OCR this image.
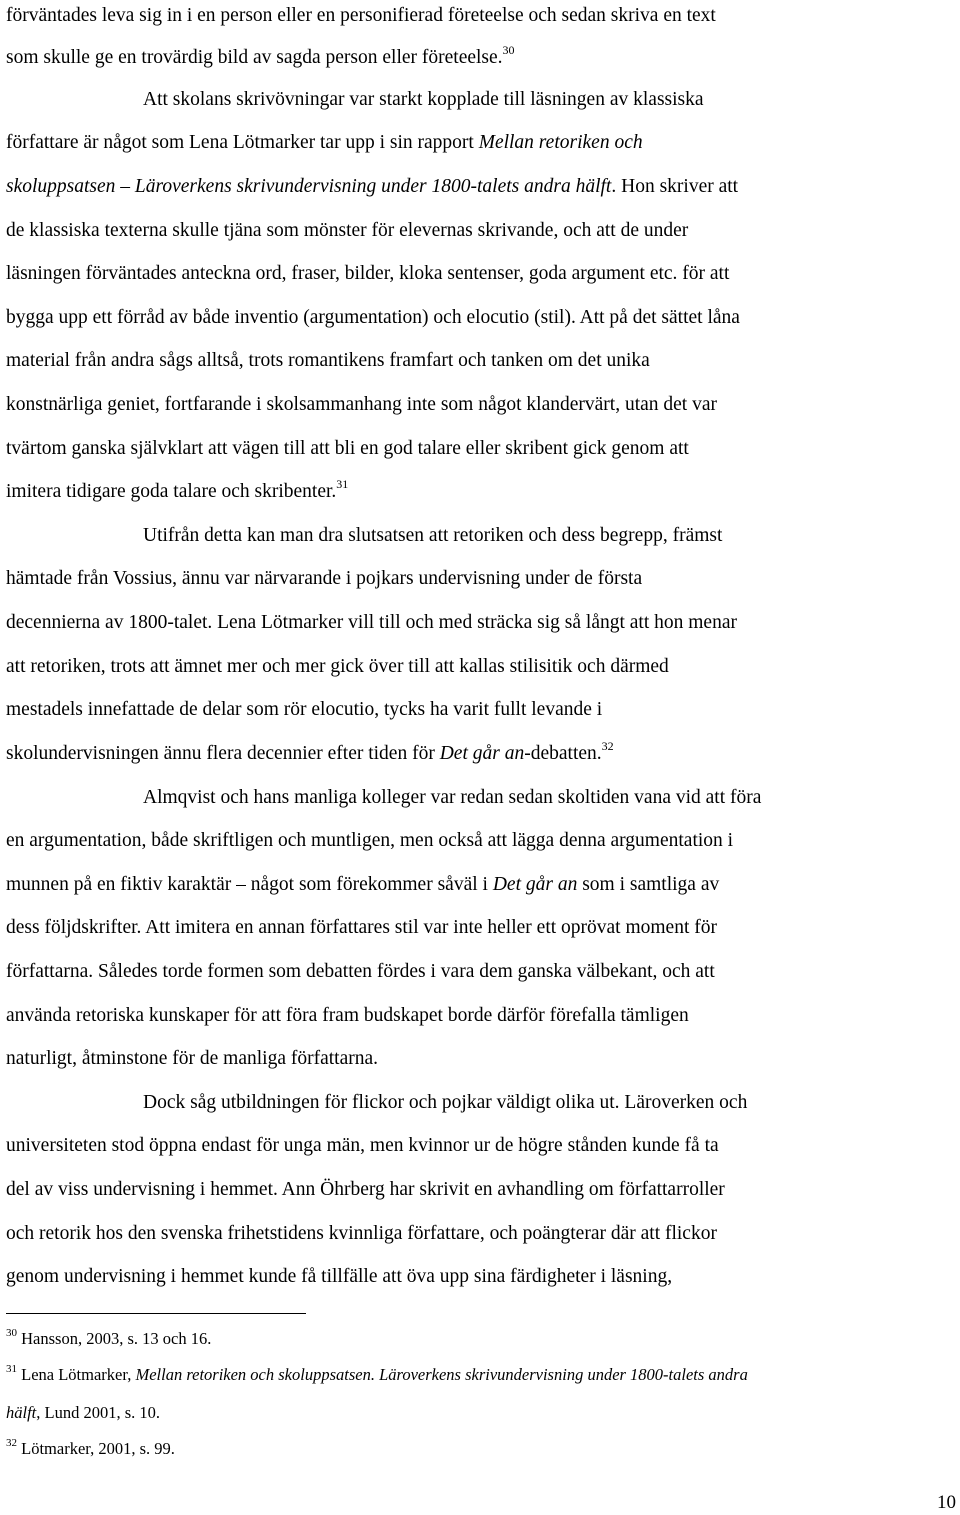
förväntades leva sig in i en person eller en personifierad företeelse och sedan skriva en text
som skulle ge en trovärdig bild av sagda person eller företeelse.$^{30}$
Att skolans skrivövningar var starkt kopplade till läsningen av klassiska
författare är något som Lena Lötmarker tar upp i sin rapport Mellan retoriken och
skoluppsatsen – Läroverkens skrivundervisning under 1800-talets andra hälft. Hon skriver att
de klassiska texterna skulle tjäna som mönster för elevernas skrivande, och att de under
läsningen förväntades anteckna ord, fraser, bilder, kloka sentenser, goda argument etc. för att
bygga upp ett förråd av både inventio (argumentation) och elocutio (stil). Att på det sättet låna
material från andra sågs alltså, trots romantikens framfart och tanken om det unika
konstnärliga geniet, fortfarande i skolsammanhang inte som något klandervärt, utan det var
tvärtom ganska självklart att vägen till att bli en god talare eller skribent gick genom att
imitera tidigare goda talare och skribenter.$^{31}$
Utifrån detta kan man dra slutsatsen att retoriken och dess begrepp, främst
hämtade från Vossius, ännu var närvarande i pojkars undervisning under de första
decennierna av 1800-talet. Lena Lötmarker vill till och med sträcka sig så långt att hon menar
att retoriken, trots att ämnet mer och mer gick över till att kallas stilisitik och därmed
mestadels innefattade de delar som rör elocutio, tycks ha varit fullt levande i
skolundervisningen ännu flera decennier efter tiden för Det går an-debatten.$^{32}$
Almqvist och hans manliga kolleger var redan sedan skoltiden vana vid att föra
en argumentation, både skriftligen och muntligen, men också att lägga denna argumentation i
munnen på en fiktiv karaktär – något som förekommer såväl i Det går an som i samtliga av
dess följdskrifter. Att imitera en annan författares stil var inte heller ett oprövat moment för
författarna. Således torde formen som debatten fördes i vara dem ganska välbekant, och att
använda retoriska kunskaper för att föra fram budskapet borde därför förefalla tämligen
naturligt, åtminstone för de manliga författarna.
Dock såg utbildningen för flickor och pojkar väldigt olika ut. Läroverken och
universiteten stod öppna endast för unga män, men kvinnor ur de högre stånden kunde få ta
del av viss undervisning i hemmet. Ann Öhrberg har skrivit en avhandling om författarroller
och retorik hos den svenska frihetstidens kvinnliga författare, och poängterar där att flickor
genom undervisning i hemmet kunde få tillfälle att öva upp sina färdigheter i läsning,
$^{30}$ Hansson, 2003, s. 13 och 16.
$^{31}$ Lena Lötmarker, Mellan retoriken och skoluppsatsen. Läroverkens skrivundervisning under 1800-talets andra
hälft, Lund 2001, s. 10.
$^{32}$ Lötmarker, 2001, s. 99.
10
